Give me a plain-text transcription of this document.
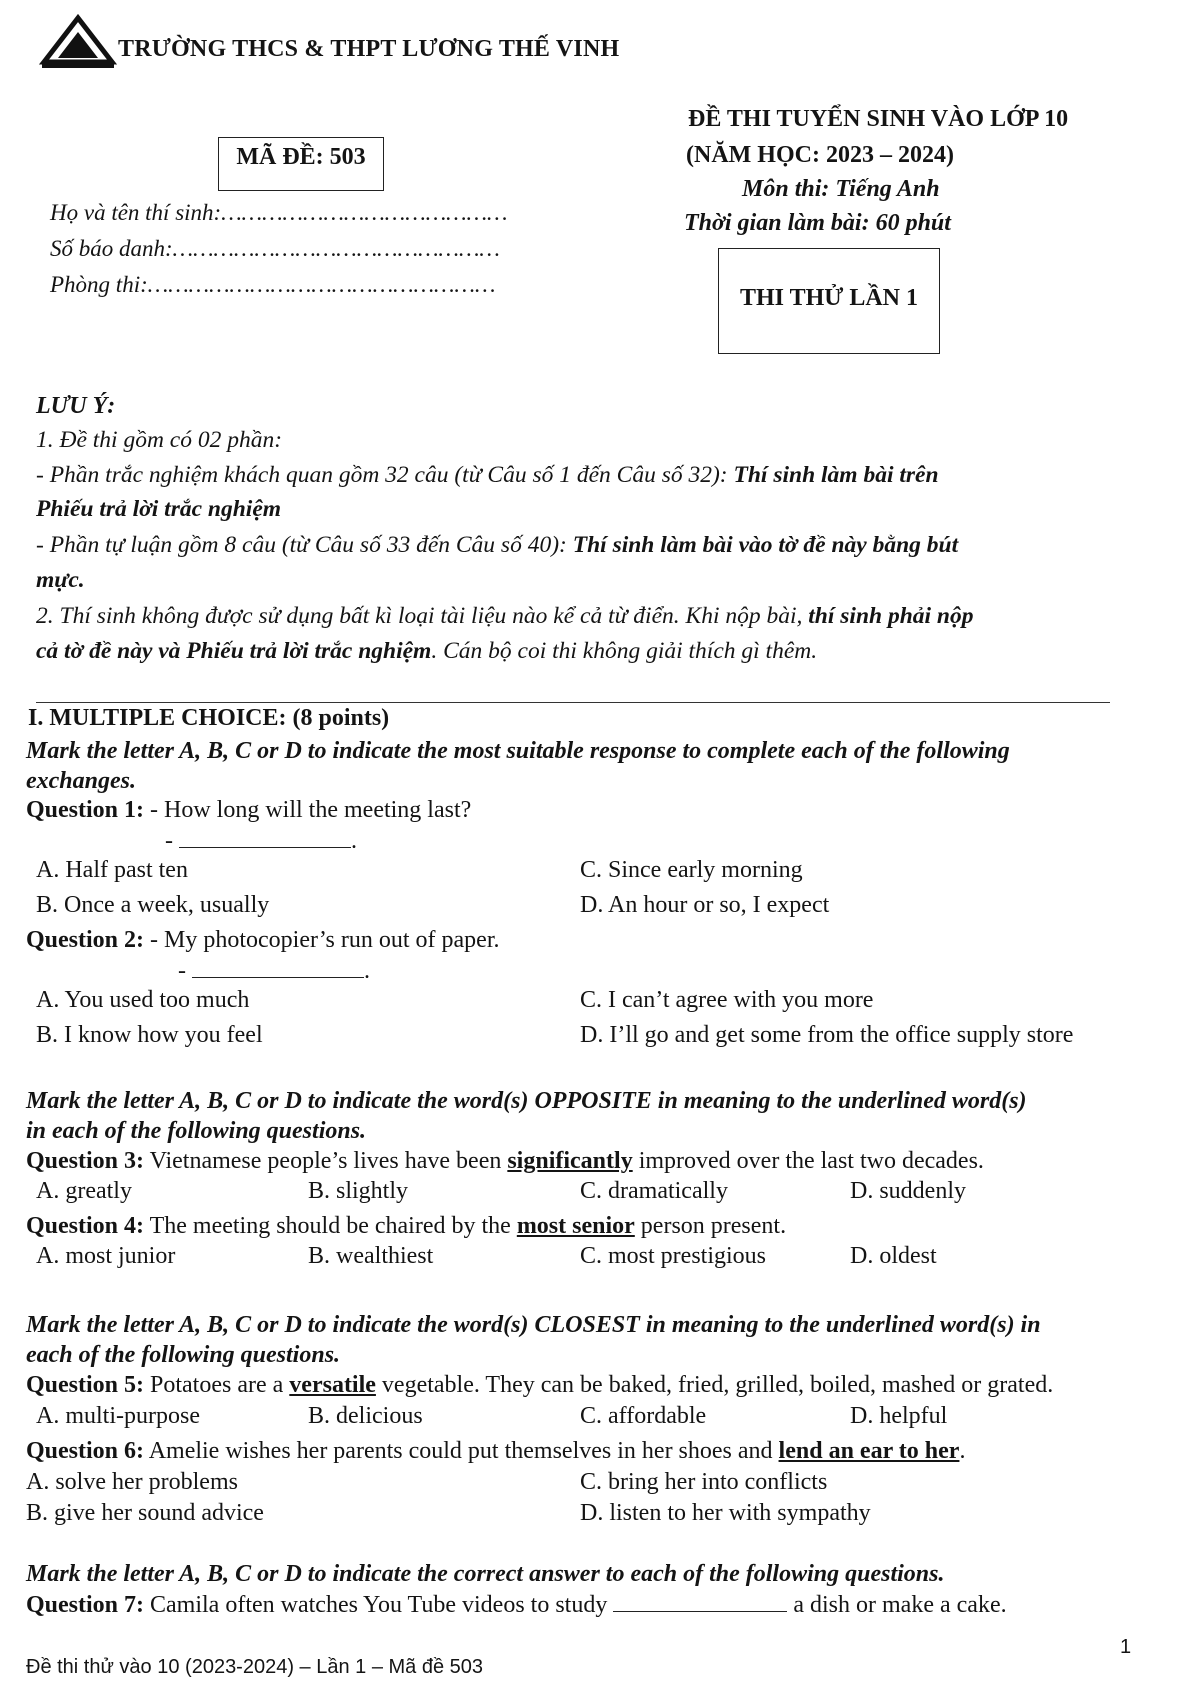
TRƯỜNG THCS & THPT LƯƠNG THẾ VINH
ĐỀ THI TUYỂN SINH VÀO LỚP 10
(NĂM HỌC: 2023 – 2024)
Môn thi: Tiếng Anh
Thời gian làm bài: 60 phút
MÃ ĐỀ: 503
THI THỬ LẦN 1
Họ và tên thí sinh:……………………………………
Số báo danh:…………………………………………
Phòng thi:……………………………………………
LƯU Ý:
1. Đề thi gồm có 02 phần:
- Phần trắc nghiệm khách quan gồm 32 câu (từ Câu số 1 đến Câu số 32): Thí sinh làm bài trên
Phiếu trả lời trắc nghiệm
- Phần tự luận gồm 8 câu (từ Câu số 33 đến Câu số 40): Thí sinh làm bài vào tờ đề này bằng bút
mực.
2. Thí sinh không được sử dụng bất kì loại tài liệu nào kể cả từ điển. Khi nộp bài, thí sinh phải nộp
cả tờ đề này và Phiếu trả lời trắc nghiệm. Cán bộ coi thi không giải thích gì thêm.
I. MULTIPLE CHOICE: (8 points)
Mark the letter A, B, C or D to indicate the most suitable response to complete each of the following
exchanges.
Question 1: - How long will the meeting last?
-	.
A. Half past ten	C. Since early morning
B. Once a week, usually	D. An hour or so, I expect
Question 2: - My photocopier’s run out of paper.
-	.
A. You used too much	C. I can’t agree with you more
B. I know how you feel	D. I’ll go and get some from the office supply store
Mark the letter A, B, C or D to indicate the word(s) OPPOSITE in meaning to the underlined word(s)
in each of the following questions.
Question 3: Vietnamese people’s lives have been significantly improved over the last two decades.
A. greatly	B. slightly	C. dramatically	D. suddenly
Question 4: The meeting should be chaired by the most senior person present.
A. most junior	B. wealthiest	C. most prestigious	D. oldest
Mark the letter A, B, C or D to indicate the word(s) CLOSEST in meaning to the underlined word(s) in
each of the following questions.
Question 5: Potatoes are a versatile vegetable. They can be baked, fried, grilled, boiled, mashed or grated.
A. multi-purpose	B. delicious	C. affordable	D. helpful
Question 6: Amelie wishes her parents could put themselves in her shoes and lend an ear to her.
A. solve her problems	C. bring her into conflicts
B. give her sound advice	D. listen to her with sympathy
Mark the letter A, B, C or D to indicate the correct answer to each of the following questions.
Question 7: Camila often watches You Tube videos to study	a dish or make a cake.
1
Đề thi thử vào 10 (2023-2024) – Lần 1 – Mã đề 503
